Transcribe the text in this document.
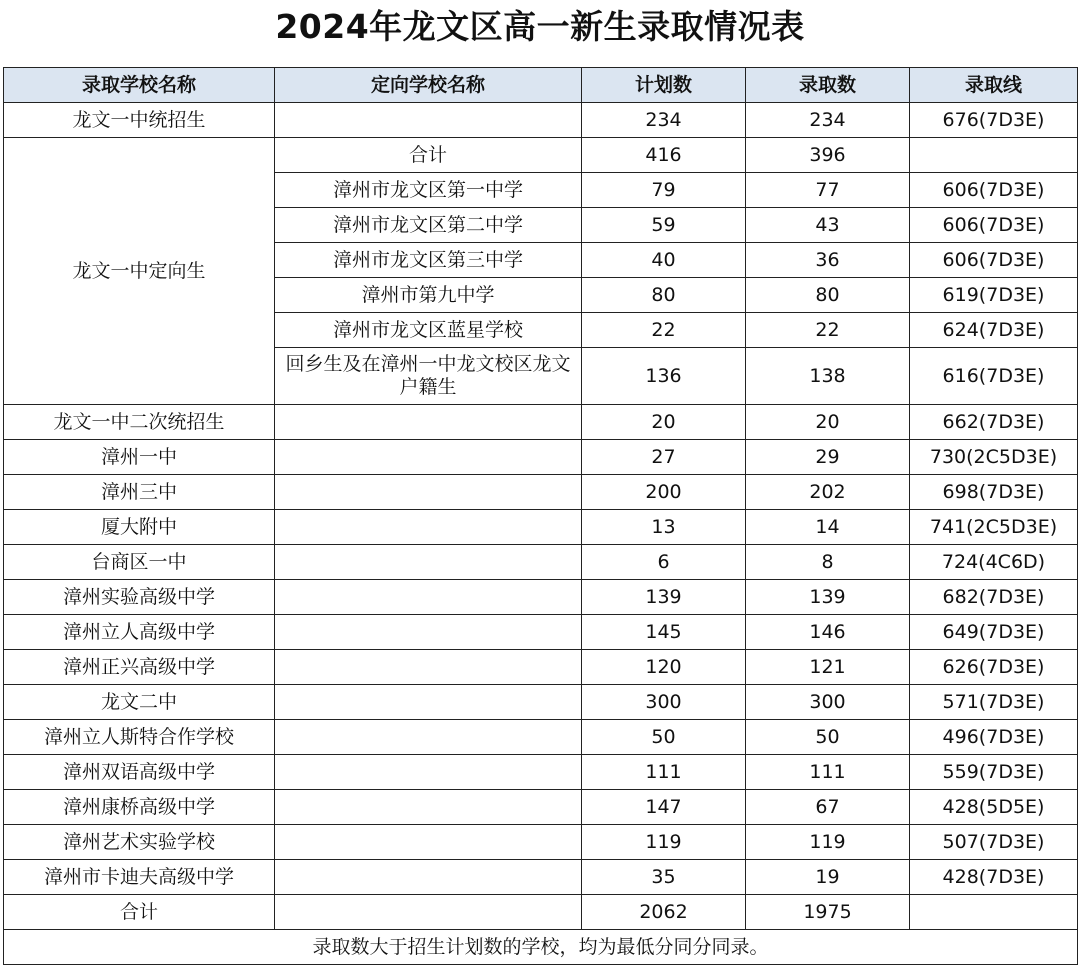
2024年龙文区高一新生录取情况表
录取学校名称	定向学校名称	计划数	录取数	录取线
龙文一中统招生		234	234	676(7D3E)
龙文一中定向生	合计	416	396	
	漳州市龙文区第一中学	79	77	606(7D3E)
	漳州市龙文区第二中学	59	43	606(7D3E)
	漳州市龙文区第三中学	40	36	606(7D3E)
	漳州市第九中学	80	80	619(7D3E)
	漳州市龙文区蓝星学校	22	22	624(7D3E)
	回乡生及在漳州一中龙文校区龙文户籍生	136	138	616(7D3E)
龙文一中二次统招生		20	20	662(7D3E)
漳州一中		27	29	730(2C5D3E)
漳州三中		200	202	698(7D3E)
厦大附中		13	14	741(2C5D3E)
台商区一中		6	8	724(4C6D)
漳州实验高级中学		139	139	682(7D3E)
漳州立人高级中学		145	146	649(7D3E)
漳州正兴高级中学		120	121	626(7D3E)
龙文二中		300	300	571(7D3E)
漳州立人斯特合作学校		50	50	496(7D3E)
漳州双语高级中学		111	111	559(7D3E)
漳州康桥高级中学		147	67	428(5D5E)
漳州艺术实验学校		119	119	507(7D3E)
漳州市卡迪夫高级中学		35	19	428(7D3E)
合计		2062	1975	
录取数大于招生计划数的学校，均为最低分同分同录。				
